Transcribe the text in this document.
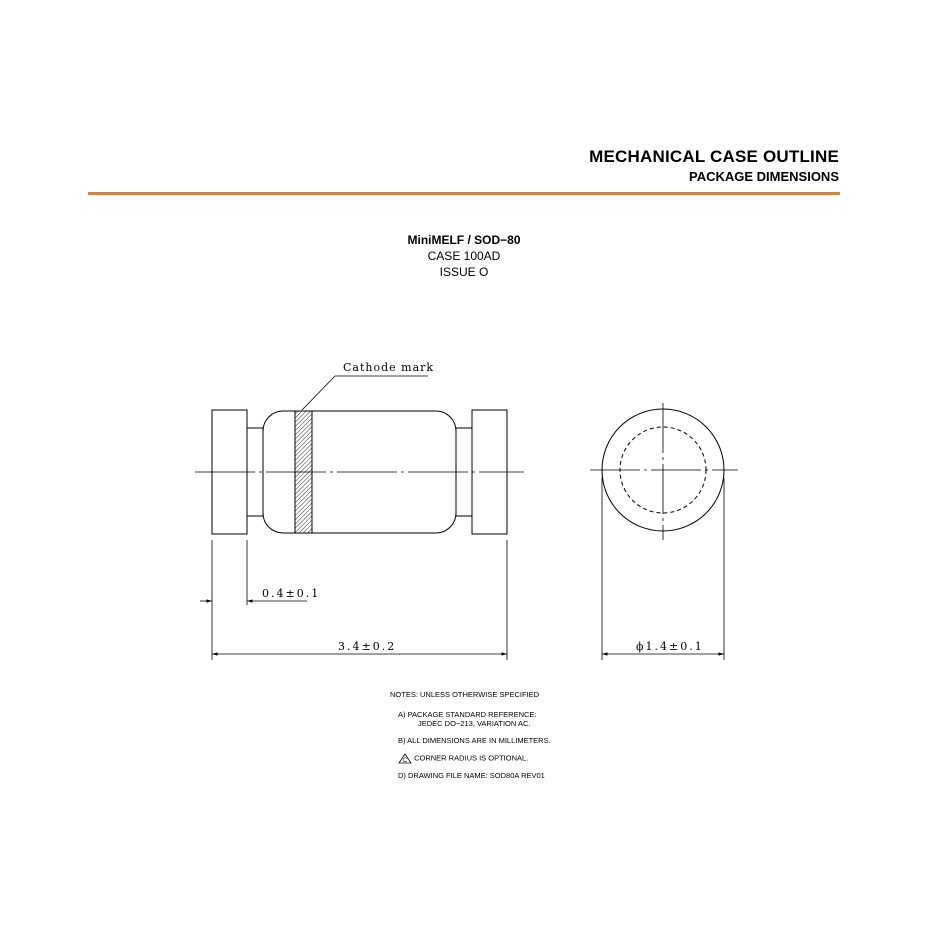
MECHANICAL CASE OUTLINE
PACKAGE DIMENSIONS
MiniMELF / SOD−80
CASE 100AD
ISSUE O
Cathode mark
0.4±0.1
3.4±0.2	ϕ1.4±0.1
NOTES: UNLESS OTHERWISE SPECIFIED
A) PACKAGE STANDARD REFERENCE:
JEDEC DO−213, VARIATION AC.
B) ALL DIMENSIONS ARE IN MILLIMETERS.
C CORNER RADIUS IS OPTIONAL.
D) DRAWING FILE NAME: SOD80A REV01
